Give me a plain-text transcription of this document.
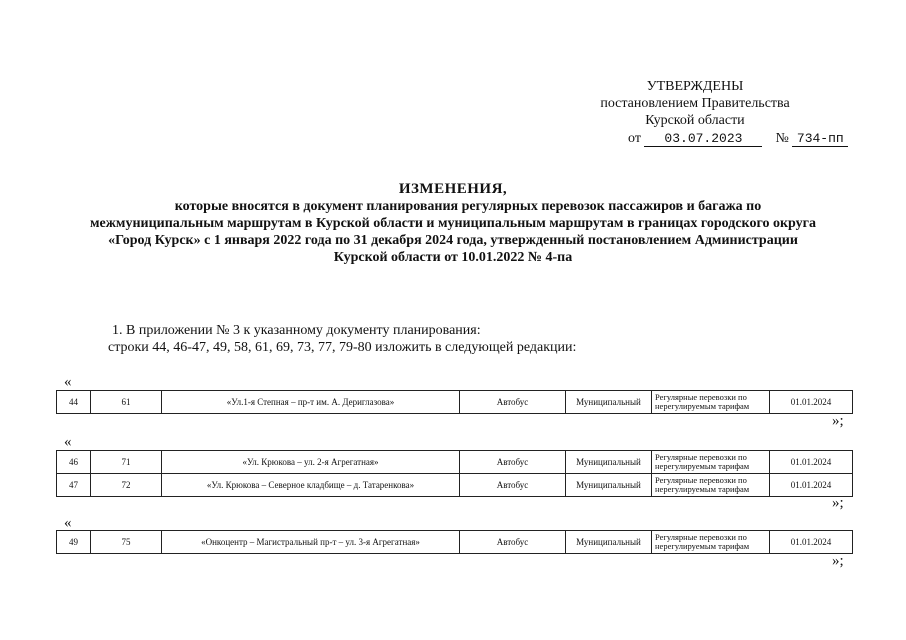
УТВЕРЖДЕНЫ
постановлением Правительства
Курской области
от 03.07.2023 № 734-пп
ИЗМЕНЕНИЯ,
которые вносятся в документ планирования регулярных перевозок пассажиров и багажа по
межмуниципальным маршрутам в Курской области и муниципальным маршрутам в границах городского округа
«Город Курск» с 1 января 2022 года по 31 декабря 2024 года, утвержденный постановлением Администрации
Курской области от 10.01.2022 № 4-па
1. В приложении № 3 к указанному документу планирования:
строки 44, 46-47, 49, 58, 61, 69, 73, 77, 79-80 изложить в следующей редакции:
«
44	61	«Ул.1-я Степная – пр-т им. А. Дериглазова»	Автобус	Муниципальный	Регулярные перевозки по нерегулируемым тарифам	01.01.2024
»;
«
46	71	«Ул. Крюкова – ул. 2-я Агрегатная»	Автобус	Муниципальный	Регулярные перевозки по нерегулируемым тарифам	01.01.2024
47	72	«Ул. Крюкова – Северное кладбище – д. Татаренкова»	Автобус	Муниципальный	Регулярные перевозки по нерегулируемым тарифам	01.01.2024
»;
«
49	75	«Онкоцентр – Магистральный пр-т – ул. 3-я Агрегатная»	Автобус	Муниципальный	Регулярные перевозки по нерегулируемым тарифам	01.01.2024
»;
